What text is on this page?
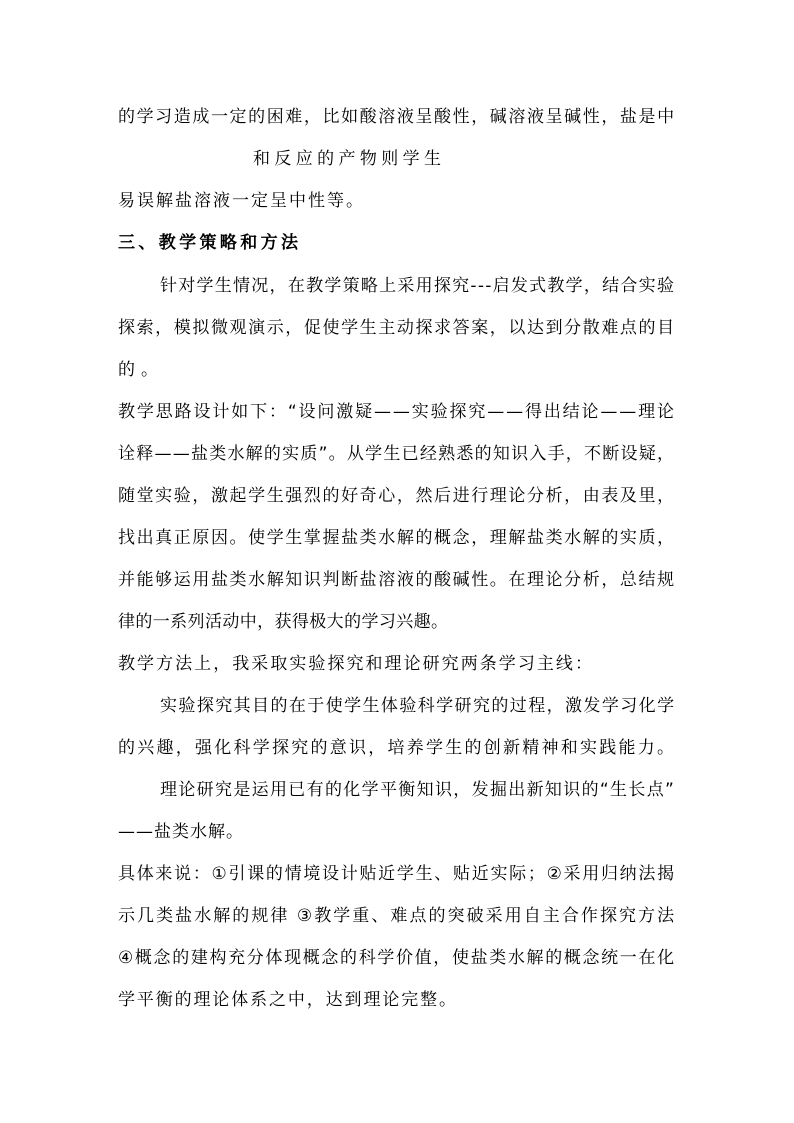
的学习造成一定的困难，比如酸溶液呈酸性，碱溶液呈碱性，盐是中
和反应的产物则学生
易误解盐溶液一定呈中性等。
三、教学策略和方法
针对学生情况，在教学策略上采用探究---启发式教学，结合实验
探索，模拟微观演示，促使学生主动探求答案，以达到分散难点的目
的。
教学思路设计如下：“设问激疑——实验探究——得出结论——理论
诠释——盐类水解的实质”。从学生已经熟悉的知识入手，不断设疑，
随堂实验，激起学生强烈的好奇心，然后进行理论分析，由表及里，
找出真正原因。使学生掌握盐类水解的概念，理解盐类水解的实质，
并能够运用盐类水解知识判断盐溶液的酸碱性。在理论分析，总结规
律的一系列活动中，获得极大的学习兴趣。
教学方法上，我采取实验探究和理论研究两条学习主线：
实验探究其目的在于使学生体验科学研究的过程，激发学习化学
的兴趣，强化科学探究的意识，培养学生的创新精神和实践能力。
理论研究是运用已有的化学平衡知识，发掘出新知识的“生长点”
——盐类水解。
具体来说：①引课的情境设计贴近学生、贴近实际；②采用归纳法揭
示几类盐水解的规律 ③教学重、难点的突破采用自主合作探究方法
④概念的建构充分体现概念的科学价值，使盐类水解的概念统一在化
学平衡的理论体系之中，达到理论完整。
